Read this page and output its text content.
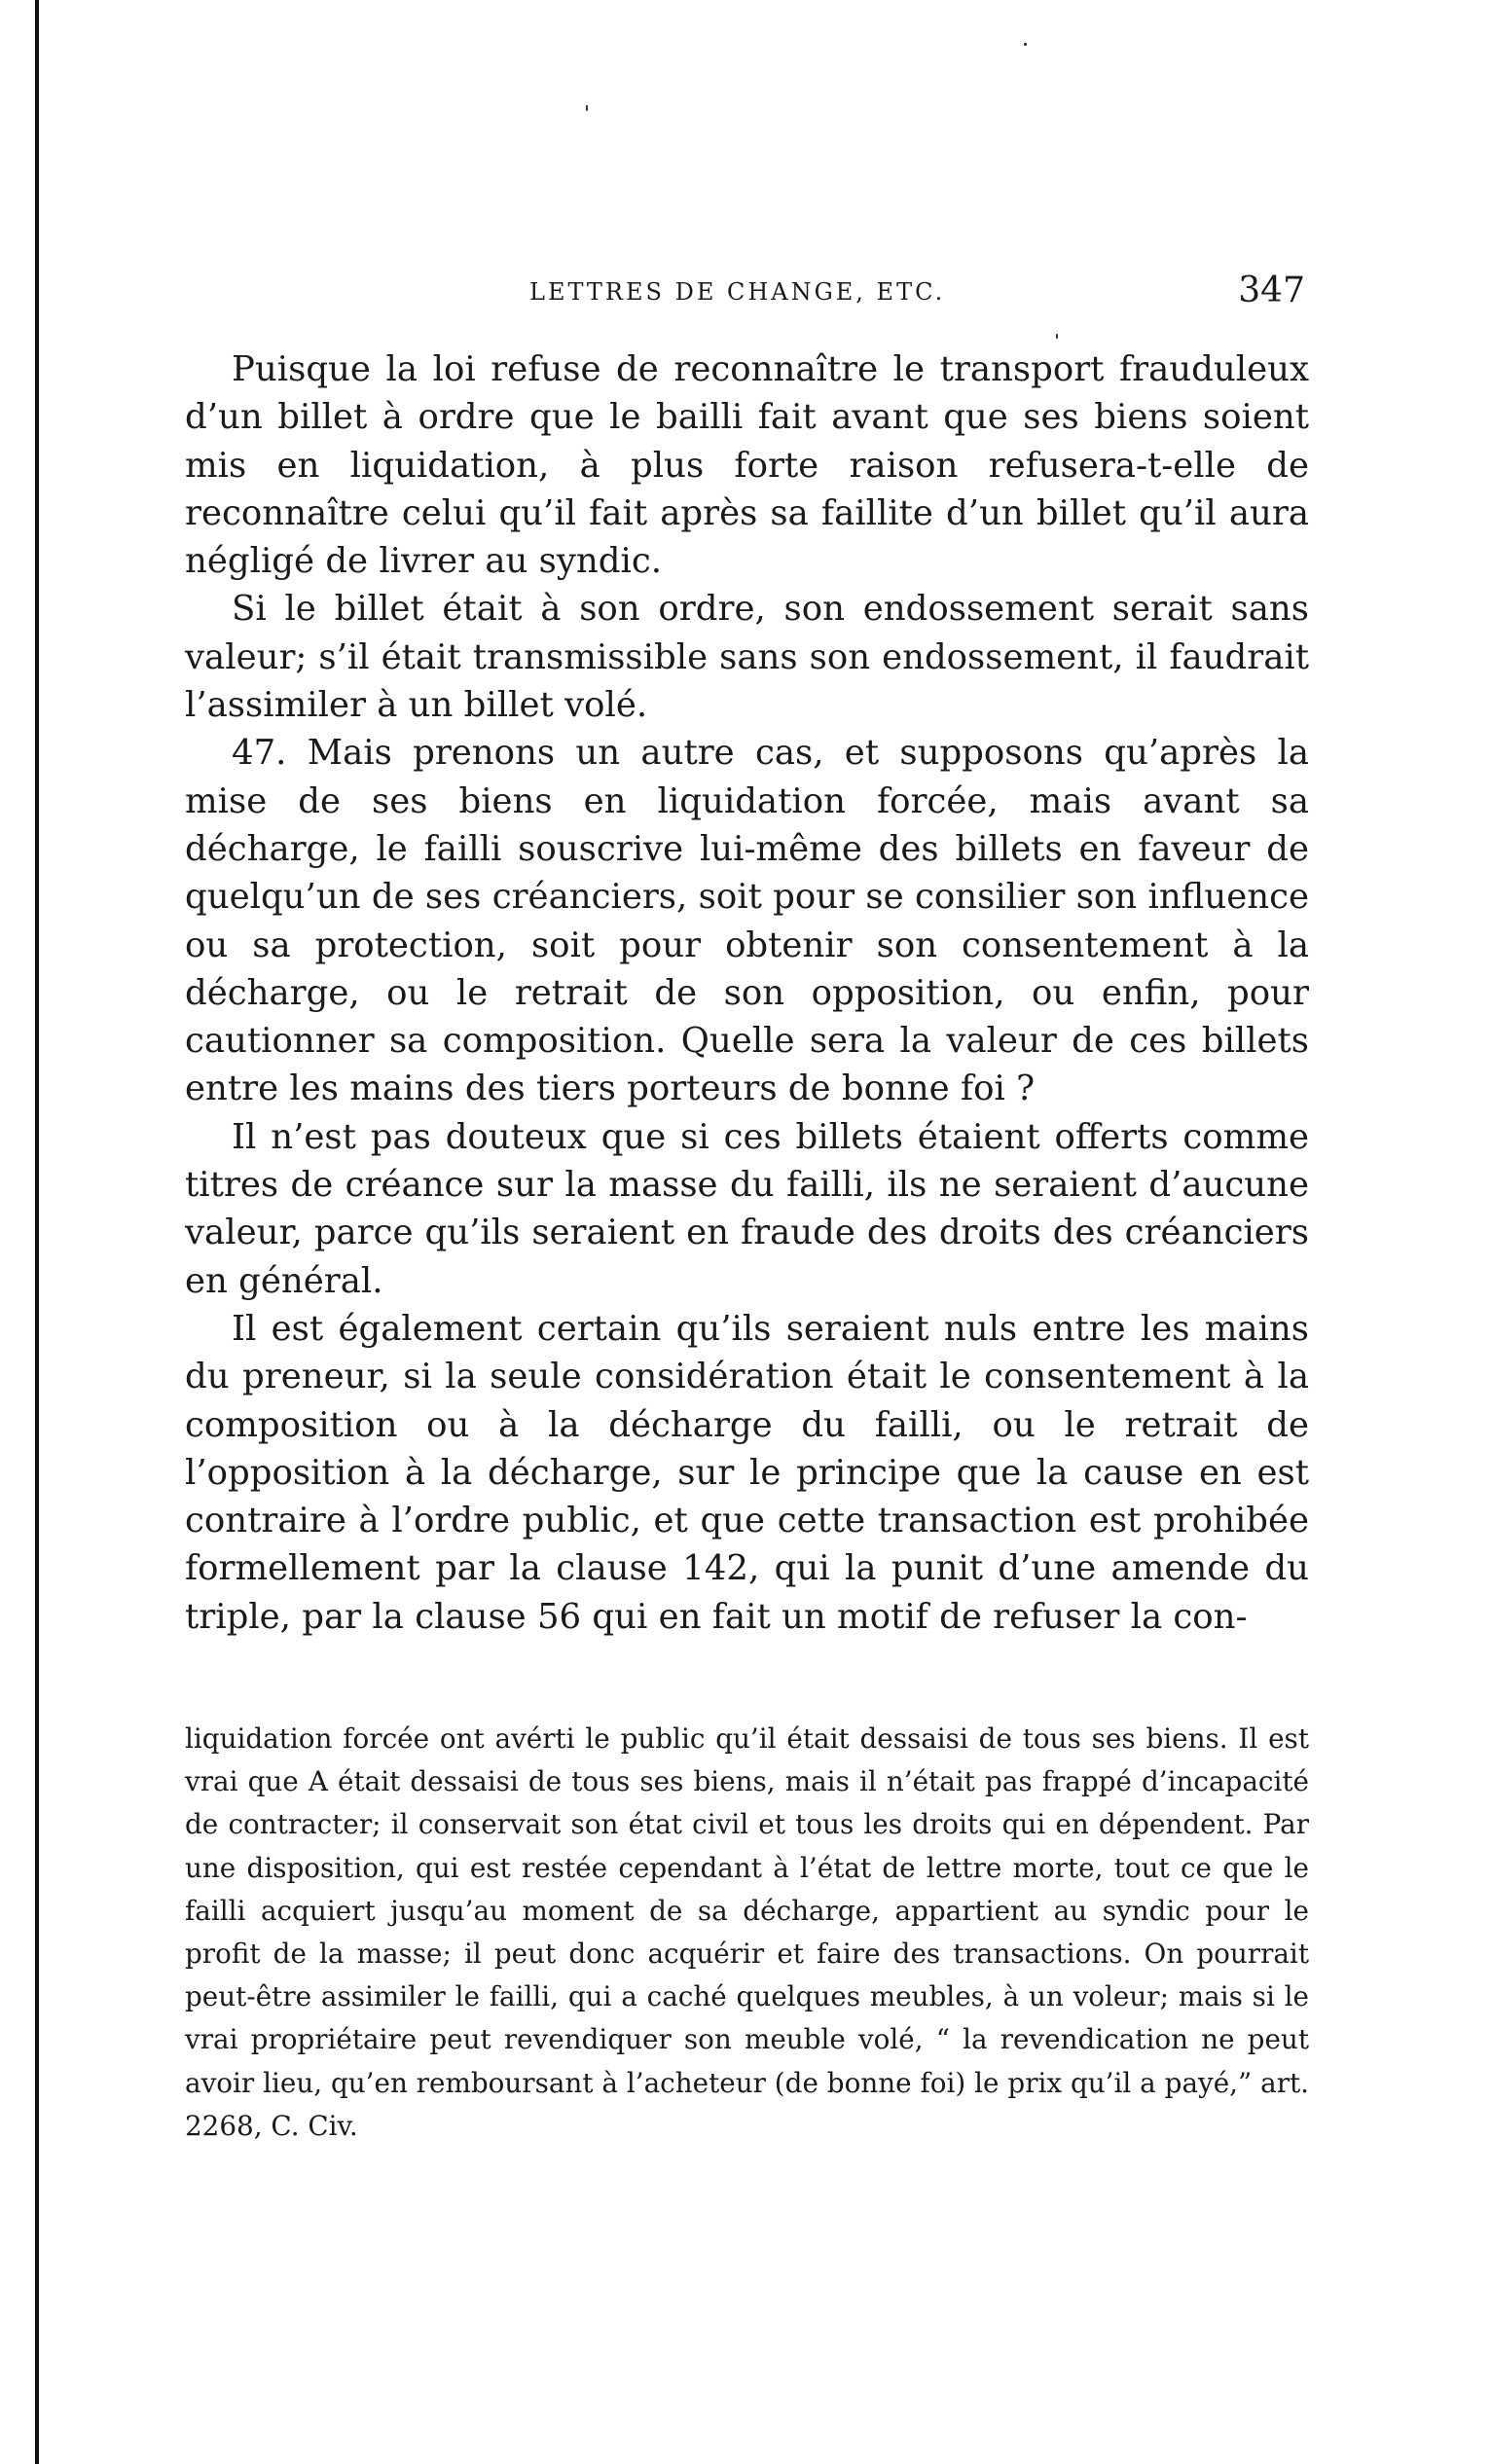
LETTRES DE CHANGE, ETC.	347

Puisque la loi refuse de reconnaître le transport frauduleux d’un billet à ordre que le bailli fait avant que ses biens soient mis en liquidation, à plus forte raison refusera-t-elle de reconnaître celui qu’il fait après sa faillite d’un billet qu’il aura négligé de livrer au syndic.

Si le billet était à son ordre, son endossement serait sans valeur; s’il était transmissible sans son endossement, il faudrait l’assimiler à un billet volé.

47. Mais prenons un autre cas, et supposons qu’après la mise de ses biens en liquidation forcée, mais avant sa décharge, le failli souscrive lui-même des billets en faveur de quelqu’un de ses créanciers, soit pour se consilier son influence ou sa protection, soit pour obtenir son consentement à la décharge, ou le retrait de son opposition, ou enfin, pour cautionner sa composition. Quelle sera la valeur de ces billets entre les mains des tiers porteurs de bonne foi ?

Il n’est pas douteux que si ces billets étaient offerts comme titres de créance sur la masse du failli, ils ne seraient d’aucune valeur, parce qu’ils seraient en fraude des droits des créanciers en général.

Il est également certain qu’ils seraient nuls entre les mains du preneur, si la seule considération était le consentement à la composition ou à la décharge du failli, ou le retrait de l’opposition à la décharge, sur le principe que la cause en est contraire à l’ordre public, et que cette transaction est prohibée formellement par la clause 142, qui la punit d’une amende du triple, par la clause 56 qui en fait un motif de refuser la con-

liquidation forcée ont avérti le public qu’il était dessaisi de tous ses biens. Il est vrai que A était dessaisi de tous ses biens, mais il n’était pas frappé d’incapacité de contracter; il conservait son état civil et tous les droits qui en dépendent. Par une disposition, qui est restée cependant à l’état de lettre morte, tout ce que le failli acquiert jusqu’au moment de sa décharge, appartient au syndic pour le profit de la masse; il peut donc acquérir et faire des transactions. On pourrait peut-être assimiler le failli, qui a caché quelques meubles, à un voleur; mais si le vrai propriétaire peut revendiquer son meuble volé, “ la revendication ne peut avoir lieu, qu’en remboursant à l’acheteur (de bonne foi) le prix qu’il a payé,” art. 2268, C. Civ.
